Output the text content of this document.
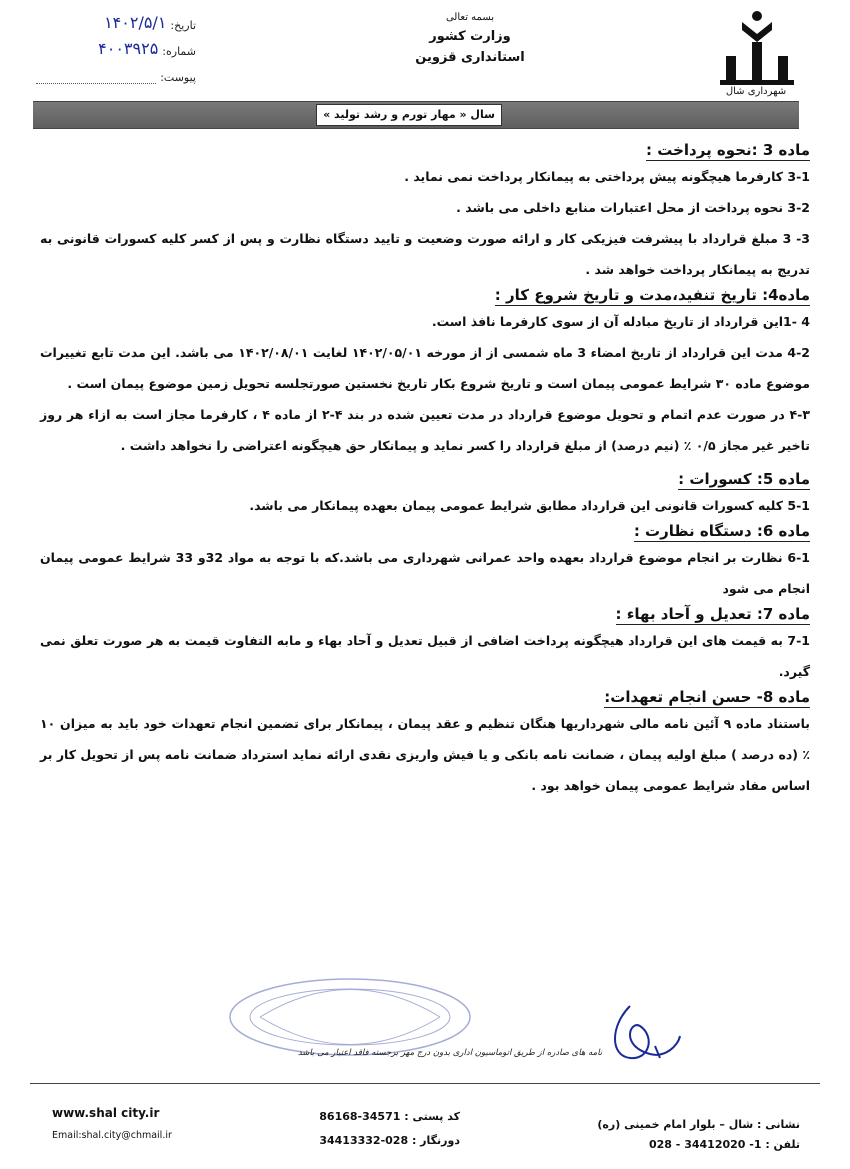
تاریخ:
۱۴۰۲/۵/۱
شماره:
۴۰۰۳۹۲۵
پیوست:
بسمه تعالی
وزارت کشور
استانداری قزوین
شهرداری شال
سال « مهار تورم و رشد تولید »
ماده 3 :نحوه پرداخت :
3-1 کارفرما هیچگونه پیش پرداختی به پیمانکار پرداخت نمی نماید .
3-2 نحوه پرداخت از محل اعتبارات منابع داخلی می باشد .
3- 3 مبلغ قرارداد با پیشرفت فیزیکی کار و ارائه صورت وضعیت و تایید دستگاه نظارت و پس از کسر کلیه کسورات قانونی به تدریج به پیمانکار پرداخت خواهد شد .
ماده4: تاریخ تنفید،مدت و تاریخ شروع کار :
4 -1این قرارداد از تاریخ مبادله آن از سوی کارفرما نافذ است.
4-2 مدت این قرارداد از تاریخ امضاء 3 ماه شمسی از از مورخه ۱۴۰۲/۰۵/۰۱ لغایت ۱۴۰۲/۰۸/۰۱ می باشد. این مدت تابع تغییرات موضوع ماده ۳۰ شرایط عمومی پیمان است و تاریخ شروع بکار تاریخ نخستین صورتجلسه تحویل زمین موضوع پیمان است .
۴-۳ در صورت عدم اتمام و تحویل موضوع قرارداد در مدت تعیین شده در بند ۴-۲ از ماده ۴ ، کارفرما مجاز است به ازاء هر روز تاخیر غیر مجاز ۰/۵ ٪ (نیم درصد) از مبلغ قرارداد را کسر نماید و پیمانکار حق هیچگونه اعتراضی را نخواهد داشت .
ماده 5: کسورات :
5-1 کلیه کسورات قانونی این قرارداد مطابق شرایط عمومی پیمان بعهده پیمانکار می باشد.
ماده 6: دستگاه نظارت :
6-1 نظارت بر انجام موضوع قرارداد بعهده واحد عمرانی شهرداری می باشد.که با توجه به مواد 32و 33 شرایط عمومی پیمان انجام می شود
ماده 7: تعدیل و آحاد بهاء :
7-1 به قیمت های این قرارداد هیچگونه پرداخت اضافی از قبیل تعدیل و آحاد بهاء و مابه التفاوت قیمت به هر صورت تعلق نمی گیرد.
ماده 8- حسن انجام تعهدات:
باستناد ماده ۹ آئین نامه مالی شهرداریها هنگان تنظیم و عقد پیمان ، پیمانکار برای تضمین انجام تعهدات خود باید به میزان ۱۰ ٪ (ده درصد ) مبلغ اولیه پیمان ، ضمانت نامه بانکی و یا فیش واریزی نقدی ارائه نماید استرداد ضمانت نامه پس از تحویل کار بر اساس مفاد شرایط عمومی پیمان خواهد بود .
نامه های صادره از طریق اتوماسیون اداری بدون درج مهر برجسته فاقد اعتبار می باشد
www.shal city.ir
Email:shal.city@chmail.ir
کد پستی : 34571-86168
دورنگار : 028-34413332
نشانی : شال – بلوار امام خمینی (ره)
تلفن : 1- 34412020 - 028
